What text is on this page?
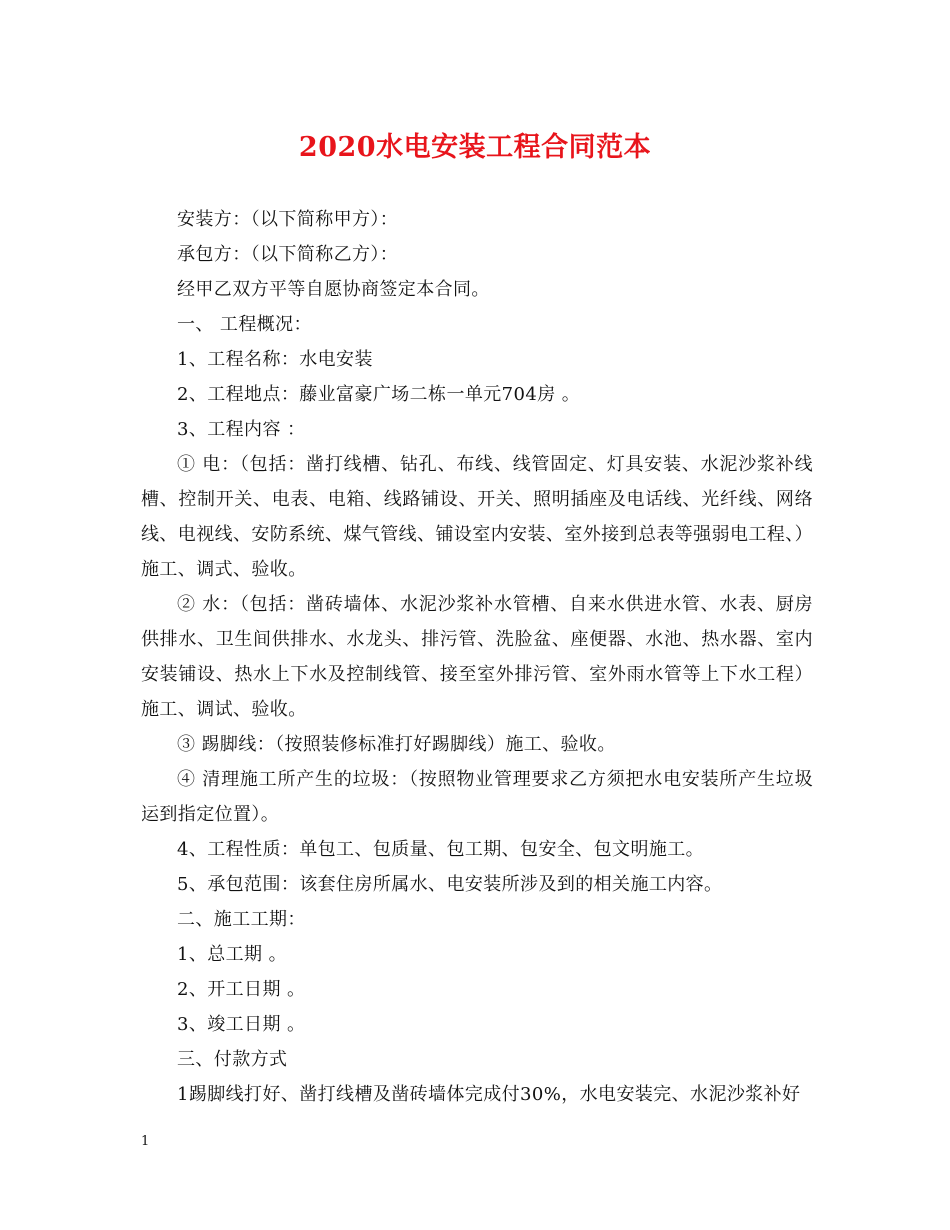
2020水电安装工程合同范本

安装方：（以下简称甲方）：

承包方：（以下简称乙方）：

经甲乙双方平等自愿协商签定本合同。

一、 工程概况：

1、工程名称：水电安装

2、工程地点：藤业富豪广场二栋一单元704房 。

3、工程内容 ：

① 电：（包括：凿打线槽、钻孔、布线、线管固定、灯具安装、水泥沙浆补线槽、控制开关、电表、电箱、线路铺设、开关、照明插座及电话线、光纤线、网络线、电视线、安防系统、煤气管线、铺设室内安装、室外接到总表等强弱电工程、）施工、调式、验收。

② 水：（包括：凿砖墙体、水泥沙浆补水管槽、自来水供进水管、水表、厨房供排水、卫生间供排水、水龙头、排污管、洗脸盆、座便器、水池、热水器、室内安装铺设、热水上下水及控制线管、接至室外排污管、室外雨水管等上下水工程）施工、调试、验收。

③ 踢脚线：（按照装修标准打好踢脚线）施工、验收。

④ 清理施工所产生的垃圾：（按照物业管理要求乙方须把水电安装所产生垃圾运到指定位置）。

4、工程性质：单包工、包质量、包工期、包安全、包文明施工。

5、承包范围：该套住房所属水、电安装所涉及到的相关施工内容。

二、施工工期：

1、总工期 。

2、开工日期 。

3、竣工日期 。

三、付款方式

1踢脚线打好、凿打线槽及凿砖墙体完成付30%，水电安装完、水泥沙浆补好

1
